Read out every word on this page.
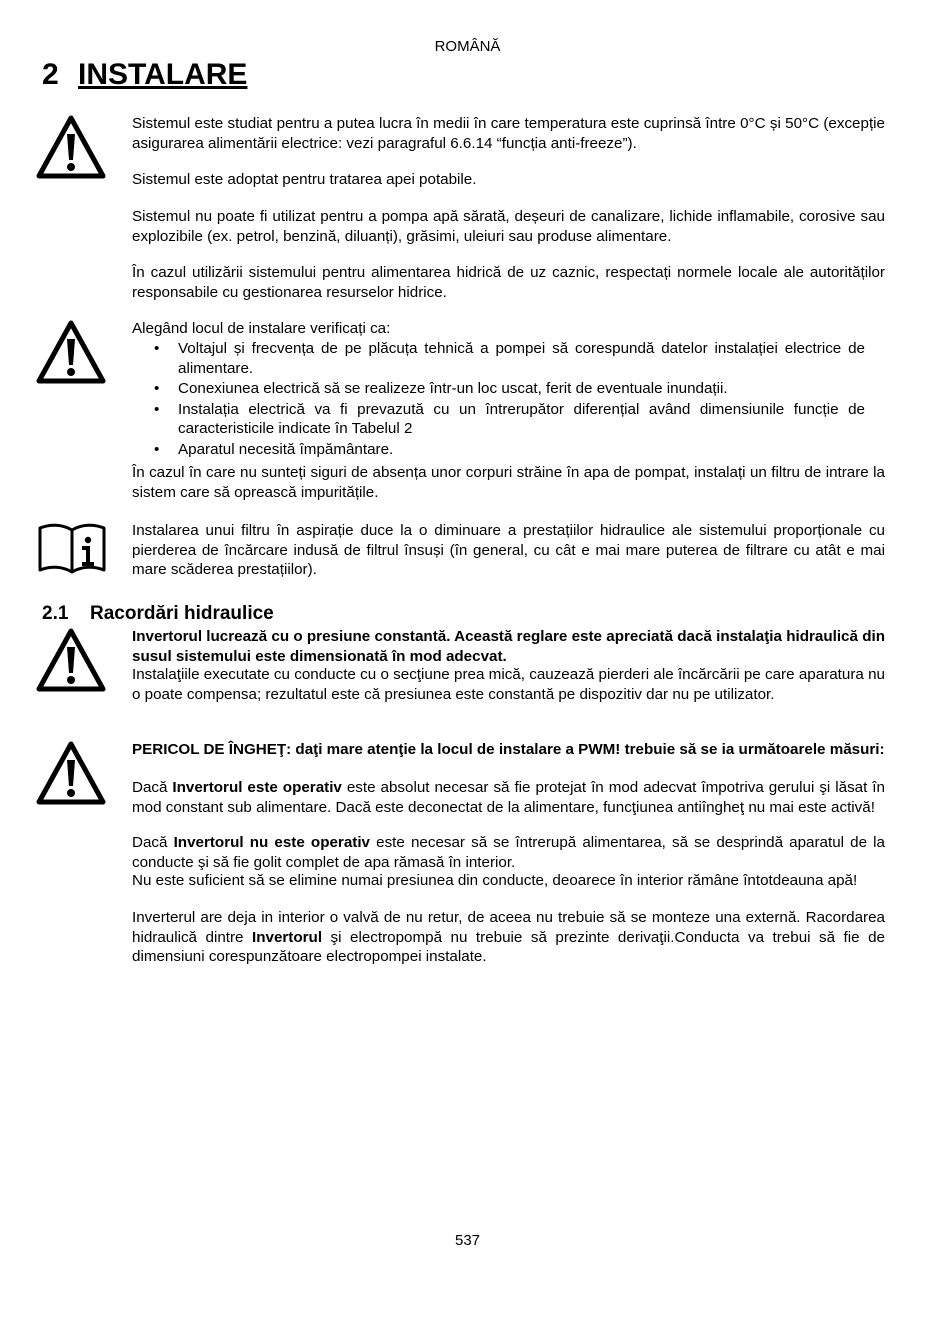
ROMÂNĂ
2 INSTALARE

Sistemul este studiat pentru a putea lucra în medii în care temperatura este cuprinsă între 0°C și 50°C (excepție asigurarea alimentării electrice: vezi paragraful 6.6.14 “funcția anti-freeze”).

Sistemul este adoptat pentru tratarea apei potabile.

Sistemul nu poate fi utilizat pentru a pompa apă sărată, deșeuri de canalizare, lichide inflamabile, corosive sau explozibile (ex. petrol, benzină, diluanți), grăsimi, uleiuri sau produse alimentare.

În cazul utilizării sistemului pentru alimentarea hidrică de uz caznic, respectați normele locale ale autorităților responsabile cu gestionarea resurselor hidrice.

Alegând locul de instalare verificați ca:

• Voltajul și frecvența de pe plăcuța tehnică a pompei să corespundă datelor instalației electrice de alimentare.
• Conexiunea electrică să se realizeze într-un loc uscat, ferit de eventuale inundații.
• Instalația electrică va fi prevazută cu un întrerupător diferențial având dimensiunile funcție de caracteristicile indicate în Tabelul 2
• Aparatul necesită împământare.

În cazul în care nu sunteți siguri de absența unor corpuri străine în apa de pompat, instalați un filtru de intrare la sistem care să oprească impuritățile.

Instalarea unui filtru în aspirație duce la o diminuare a prestațiilor hidraulice ale sistemului proporționale cu pierderea de încărcare indusă de filtrul însuși (în general, cu cât e mai mare puterea de filtrare cu atât e mai mare scăderea prestațiilor).

2.1 Racordări hidraulice

Invertorul lucrează cu o presiune constantă. Această reglare este apreciată dacă instalaţia hidraulică din susul sistemului este dimensionată în mod adecvat.

Instalaţiile executate cu conducte cu o secţiune prea mică, cauzează pierderi ale încărcării pe care aparatura nu o poate compensa; rezultatul este că presiunea este constantă pe dispozitiv dar nu pe utilizator.

PERICOL DE ÎNGHEŢ: daţi mare atenţie la locul de instalare a PWM! trebuie să se ia următoarele măsuri:

Dacă Invertorul este operativ este absolut necesar să fie protejat în mod adecvat împotriva gerului şi lăsat în mod constant sub alimentare. Dacă este deconectat de la alimentare, funcţiunea antiîngheţ nu mai este activă!

Dacă Invertorul nu este operativ este necesar să se întrerupă alimentarea, să se desprindă aparatul de la conducte şi să fie golit complet de apa rămasă în interior.

Nu este suficient să se elimine numai presiunea din conducte, deoarece în interior rămâne întotdeauna apă!

Inverterul are deja in interior o valvă de nu retur, de aceea nu trebuie să se monteze una externă. Racordarea hidraulică dintre Invertorul şi electropompă nu trebuie să prezinte derivaţii.Conducta va trebui să fie de dimensiuni corespunzătoare electropompei instalate.

537
